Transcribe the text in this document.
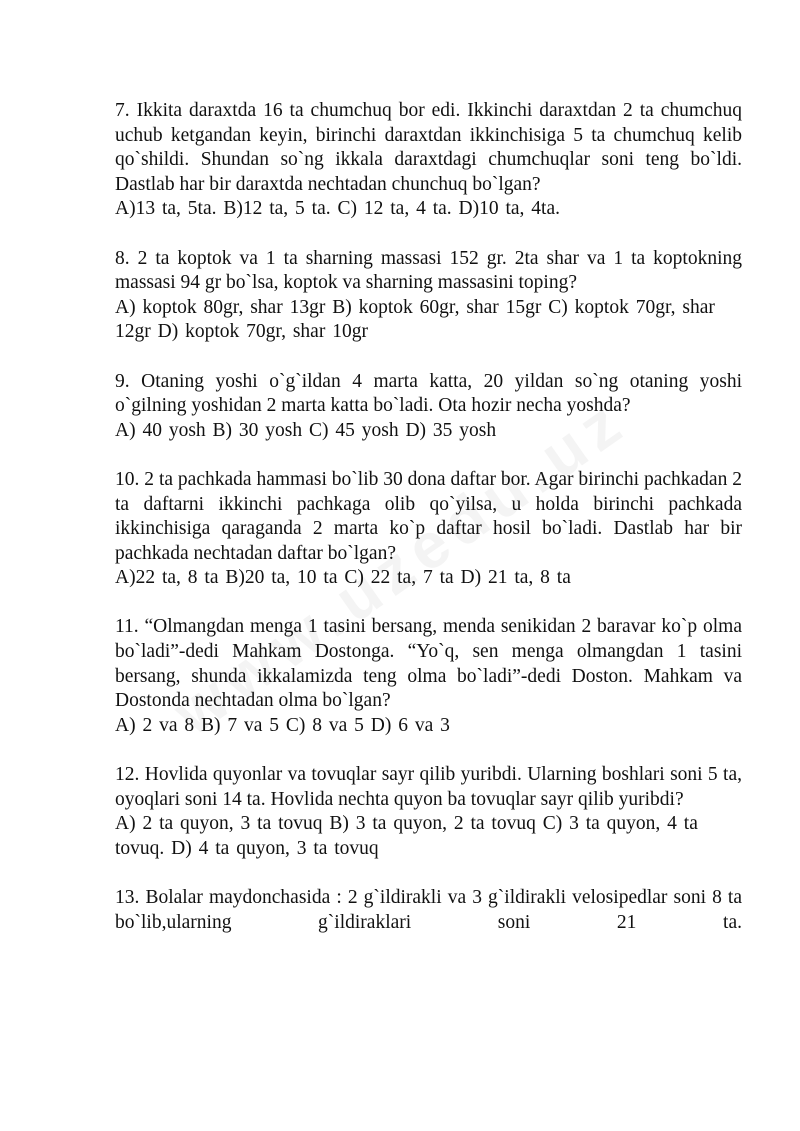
7. Ikkita daraxtda 16 ta chumchuq bor edi. Ikkinchi daraxtdan 2 ta chumchuq uchub ketgandan keyin, birinchi daraxtdan ikkinchisiga 5 ta chumchuq kelib qo`shildi. Shundan so`ng ikkala daraxtdagi chumchuqlar soni teng bo`ldi. Dastlab har bir daraxtda nechtadan chunchuq bo`lgan?

A)13 ta, 5ta. B)12 ta, 5 ta. C) 12 ta, 4 ta. D)10 ta, 4ta.

8. 2 ta koptok va 1 ta sharning massasi 152 gr. 2ta shar va 1 ta koptokning massasi 94 gr bo`lsa, koptok va sharning massasini toping?

A) koptok 80gr, shar 13gr B) koptok 60gr, shar 15gr C) koptok 70gr, shar 12gr D) koptok 70gr, shar 10gr

9. Otaning yoshi o`g`ildan 4 marta katta, 20 yildan so`ng otaning yoshi o`gilning yoshidan 2 marta katta bo`ladi. Ota hozir necha yoshda?

A) 40 yosh B) 30 yosh C) 45 yosh D) 35 yosh

10. 2 ta pachkada hammasi bo`lib 30 dona daftar bor. Agar birinchi pachkadan 2 ta daftarni ikkinchi pachkaga olib qo`yilsa, u holda birinchi pachkada ikkinchisiga qaraganda 2 marta ko`p daftar hosil bo`ladi. Dastlab har bir pachkada nechtadan daftar bo`lgan?

A)22 ta, 8 ta B)20 ta, 10 ta C) 22 ta, 7 ta D) 21 ta, 8 ta

11. “Olmangdan menga 1 tasini bersang, menda senikidan 2 baravar ko`p olma bo`ladi”-dedi Mahkam Dostonga. “Yo`q, sen menga olmangdan 1 tasini bersang, shunda ikkalamizda teng olma bo`ladi”-dedi Doston. Mahkam va Dostonda nechtadan olma bo`lgan?

A) 2 va 8 B) 7 va 5 C) 8 va 5 D) 6 va 3

12. Hovlida quyonlar va tovuqlar sayr qilib yuribdi. Ularning boshlari soni 5 ta, oyoqlari soni 14 ta. Hovlida nechta quyon ba tovuqlar sayr qilib yuribdi?

A) 2 ta quyon, 3 ta tovuq B) 3 ta quyon, 2 ta tovuq C) 3 ta quyon, 4 ta tovuq. D) 4 ta quyon, 3 ta tovuq

13. Bolalar maydonchasida : 2 g`ildirakli va 3 g`ildirakli velosipedlar soni 8 ta bo`lib,ularning g`ildiraklari soni 21 ta.
